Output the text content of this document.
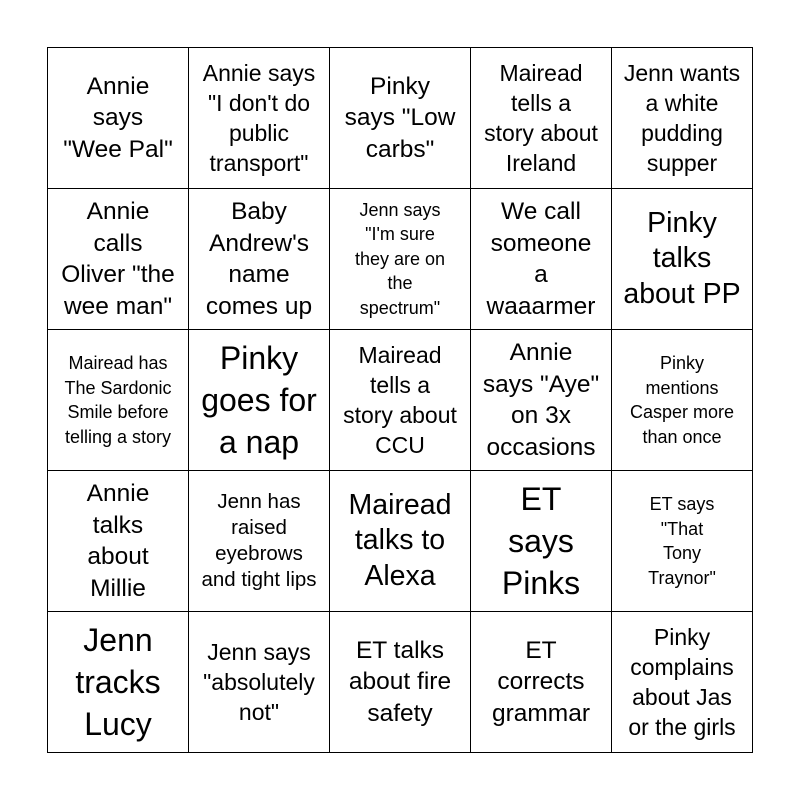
Annie
says
"Wee Pal"
Annie says
"I don't do
public
transport"
Pinky
says "Low
carbs"
Mairead
tells a
story about
Ireland
Jenn wants
a white
pudding
supper
Annie
calls
Oliver "the
wee man"
Baby
Andrew's
name
comes up
Jenn says
"I'm sure
they are on
the
spectrum"
We call
someone
a
waaarmer
Pinky
talks
about PP
Mairead has
The Sardonic
Smile before
telling a story
Pinky
goes for
a nap
Mairead
tells a
story about
CCU
Annie
says "Aye"
on 3x
occasions
Pinky
mentions
Casper more
than once
Annie
talks
about
Millie
Jenn has
raised
eyebrows
and tight lips
Mairead
talks to
Alexa
ET
says
Pinks
ET says
"That
Tony
Traynor"
Jenn
tracks
Lucy
Jenn says
"absolutely
not"
ET talks
about fire
safety
ET
corrects
grammar
Pinky
complains
about Jas
or the girls
